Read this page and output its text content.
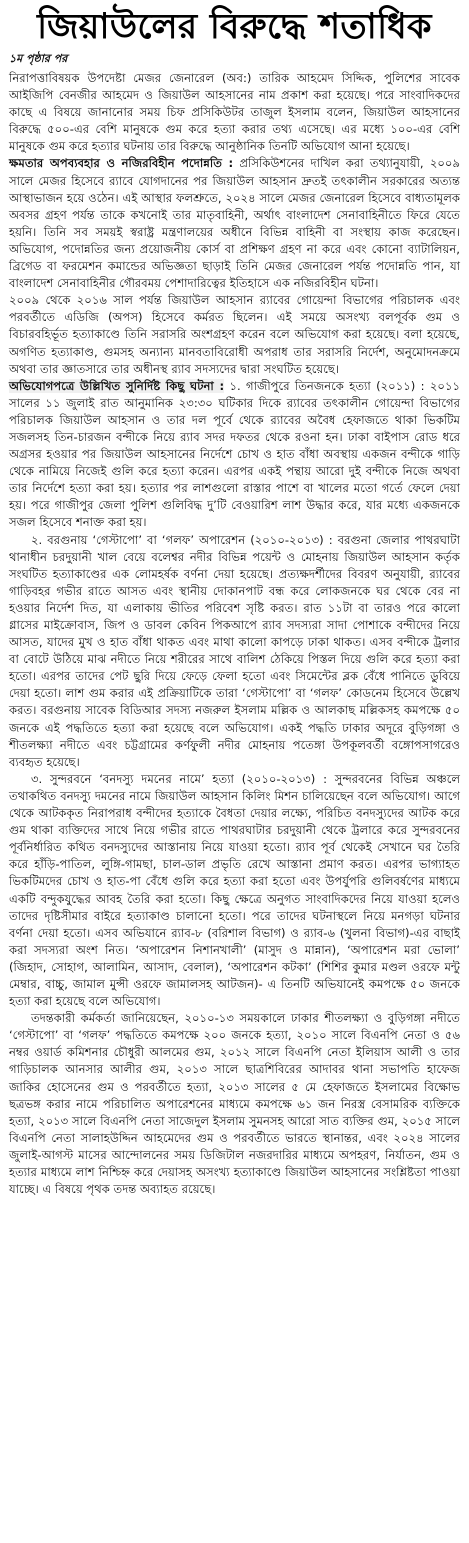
জিয়াউলের বিরুদ্ধে শতাধিক
১ম পৃষ্ঠার পর

নিরাপত্তাবিষয়ক উপদেষ্টা মেজর জেনারেল (অব:) তারিক আহমেদ সিদ্দিক, পুলিশের সাবেক আইজিপি বেনজীর আহমেদ ও জিয়াউল আহসানের নাম প্রকাশ করা হয়েছে। পরে সাংবাদিকদের কাছে এ বিষয়ে জানানোর সময় চিফ প্রসিকিউটর তাজুল ইসলাম বলেন, জিয়াউল আহসানের বিরুদ্ধে ৫০০-এর বেশি মানুষকে গুম করে হত্যা করার তথ্য এসেছে। এর মধ্যে ১০০-এর বেশি মানুষকে গুম করে হত্যার ঘটনায় তার বিরুদ্ধে আনুষ্ঠানিক তিনটি অভিযোগ আনা হয়েছে।

ক্ষমতার অপব্যবহার ও নজিরবিহীন পদোন্নতি : প্রসিকিউশনের দাখিল করা তথ্যানুযায়ী, ২০০৯ সালে মেজর হিসেবে র‌্যাবে যোগদানের পর জিয়াউল আহসান দ্রুতই তৎকালীন সরকারের অত্যন্ত আস্থাভাজন হয়ে ওঠেন। এই আস্থার ফলশ্রুতে, ২০২৪ সালে মেজর জেনারেল হিসেবে বাধ্যতামূলক অবসর গ্রহণ পর্যন্ত তাকে কখনোই তার মাতৃবাহিনী, অর্থাৎ বাংলাদেশ সেনাবাহিনীতে ফিরে যেতে হয়নি। তিনি সব সময়ই স্বরাষ্ট্র মন্ত্রণালয়ের অধীনে বিভিন্ন বাহিনী বা সংস্থায় কাজ করেছেন। অভিযোগ, পদোন্নতির জন্য প্রয়োজনীয় কোর্স বা প্রশিক্ষণ গ্রহণ না করে এবং কোনো ব্যাটালিয়ন, ব্রিগেড বা ফরমেশন কমান্ডের অভিজ্ঞতা ছাড়াই তিনি মেজর জেনারেল পর্যন্ত পদোন্নতি পান, যা বাংলাদেশ সেনাবাহিনীর গৌরবময় পেশাদারিত্বের ইতিহাসে এক নজিরবিহীন ঘটনা।

২০০৯ থেকে ২০১৬ সাল পর্যন্ত জিয়াউল আহসান র‌্যাবের গোয়েন্দা বিভাগের পরিচালক এবং পরবর্তীতে এডিজি (অপস) হিসেবে কর্মরত ছিলেন। এই সময়ে অসংখ্য বলপূর্বক গুম ও বিচারবহির্ভূত হত্যাকাণ্ডে তিনি সরাসরি অংশগ্রহণ করেন বলে অভিযোগ করা হয়েছে। বলা হয়েছে, অগণিত হত্যাকাণ্ড, গুমসহ অন্যান্য মানবতাবিরোধী অপরাধ তার সরাসরি নির্দেশ, অনুমোদনক্রমে অথবা তার জ্ঞাতসারে তার অধীনস্থ র‌্যাব সদস্যদের দ্বারা সংঘটিত হয়েছে।

অভিযোগপত্রে উল্লিখিত সুনির্দিষ্ট কিছু ঘটনা : ১. গাজীপুরে তিনজনকে হত্যা (২০১১) : ২০১১ সালের ১১ জুলাই রাত আনুমানিক ২৩:৩০ ঘটিকার দিকে র‌্যাবের তৎকালীন গোয়েন্দা বিভাগের পরিচালক জিয়াউল আহসান ও তার দল পূর্বে থেকে র‌্যাবের অবৈধ হেফাজতে থাকা ভিকটিম সজলসহ তিন-চারজন বন্দীকে নিয়ে র‌্যাব সদর দফতর থেকে রওনা হন। ঢাকা বাইপাস রোড ধরে অগ্রসর হওয়ার পর জিয়াউল আহসানের নির্দেশে চোখ ও হাত বাঁধা অবস্থায় একজন বন্দীকে গাড়ি থেকে নামিয়ে নিজেই গুলি করে হত্যা করেন। এরপর একই পন্থায় আরো দুই বন্দীকে নিজে অথবা তার নির্দেশে হত্যা করা হয়। হত্যার পর লাশগুলো রাস্তার পাশে বা খালের মতো গর্তে ফেলে দেয়া হয়। পরে গাজীপুর জেলা পুলিশ গুলিবিদ্ধ দু’টি বেওয়ারিশ লাশ উদ্ধার করে, যার মধ্যে একজনকে সজল হিসেবে শনাক্ত করা হয়।

২. বরগুনায় ‘গেস্টাপো’ বা ‘গলফ’ অপারেশন (২০১০-২০১৩) : বরগুনা জেলার পাথরঘাটা থানাধীন চরদুয়ানী খাল বেয়ে বলেশ্বর নদীর বিভিন্ন পয়েন্ট ও মোহনায় জিয়াউল আহসান কর্তৃক সংঘটিত হত্যাকাণ্ডের এক লোমহর্ষক বর্ণনা দেয়া হয়েছে। প্রত্যক্ষদর্শীদের বিবরণ অনুযায়ী, র‌্যাবের গাড়িবহর গভীর রাতে আসত এবং স্থানীয় দোকানপাট বন্ধ করে লোকজনকে ঘর থেকে বের না হওয়ার নির্দেশ দিত, যা এলাকায় ভীতির পরিবেশ সৃষ্টি করত। রাত ১১টা বা তারও পরে কালো গ্লাসের মাইক্রোবাস, জিপ ও ডাবল কেবিন পিকআপে র‌্যাব সদস্যরা সাদা পোশাকে বন্দীদের নিয়ে আসত, যাদের মুখ ও হাত বাঁধা থাকত এবং মাথা কালো কাপড়ে ঢাকা থাকত। এসব বন্দীকে ট্রলার বা বোটে উঠিয়ে মাঝ নদীতে নিয়ে শরীরের সাথে বালিশ ঠেকিয়ে পিস্তল দিয়ে গুলি করে হত্যা করা হতো। এরপর তাদের পেট ছুরি দিয়ে ফেড়ে ফেলা হতো এবং সিমেন্টের ব্লক বেঁধে পানিতে ডুবিয়ে দেয়া হতো। লাশ গুম করার এই প্রক্রিয়াটিকে তারা ‘গেস্টাপো’ বা ‘গলফ’ কোডনেম হিসেবে উল্লেখ করত। বরগুনায় সাবেক বিডিআর সদস্য নজরুল ইসলাম মল্লিক ও আলকাছ মল্লিকসহ কমপক্ষে ৫০ জনকে এই পদ্ধতিতে হত্যা করা হয়েছে বলে অভিযোগ। একই পদ্ধতি ঢাকার অদূরে বুড়িগঙ্গা ও শীতলক্ষ্যা নদীতে এবং চট্টগ্রামের কর্ণফুলী নদীর মোহনায় পতেঙ্গা উপকূলবর্তী বঙ্গোপসাগরেও ব্যবহৃত হয়েছে।

৩. সুন্দরবনে ‘বনদস্যু দমনের নামে’ হত্যা (২০১০-২০১৩) : সুন্দরবনের বিভিন্ন অঞ্চলে তথাকথিত বনদস্যু দমনের নামে জিয়াউল আহসান কিলিং মিশন চালিয়েছেন বলে অভিযোগ। আগে থেকে আটককৃত নিরাপরাধ বন্দীদের হত্যাকে বৈধতা দেয়ার লক্ষ্যে, পরিচিত বনদস্যুদের আটক করে গুম থাকা ব্যক্তিদের সাথে নিয়ে গভীর রাতে পাথরঘাটার চরদুয়ানী থেকে ট্রলারে করে সুন্দরবনের পূর্বনির্ধারিত কথিত বনদস্যুদের আস্তানায় নিয়ে যাওয়া হতো। র‌্যাব পূর্ব থেকেই সেখানে ঘর তৈরি করে হাঁড়ি-পাতিল, লুঙ্গি-গামছা, চাল-ডাল প্রভৃতি রেখে আস্তানা প্রমাণ করত। এরপর ভাগ্যাহত ভিকটিমদের চোখ ও হাত-পা বেঁধে গুলি করে হত্যা করা হতো এবং উপর্যুপরি গুলিবর্ষণের মাধ্যমে একটি বন্দুকযুদ্ধের আবহ তৈরি করা হতো। কিছু ক্ষেত্রে অনুগত সাংবাদিকদের নিয়ে যাওয়া হলেও তাদের দৃষ্টিসীমার বাইরে হত্যাকাণ্ড চালানো হতো। পরে তাদের ঘটনাস্থলে নিয়ে মনগড়া ঘটনার বর্ণনা দেয়া হতো। এসব অভিযানে র‌্যাব-৮ (বরিশাল বিভাগ) ও র‌্যাব-৬ (খুলনা বিভাগ)-এর বাছাই করা সদস্যরা অংশ নিত। ‘অপারেশন নিশানখালী’ (মাসুদ ও মান্নান), ‘অপারেশন মরা ভোলা’ (জিহাদ, সোহাগ, আলামিন, আসাদ, বেলাল), ‘অপারেশন কটকা’ (শিশির কুমার মণ্ডল ওরফে মন্টু মেম্বার, বাচ্চু, জামাল মুন্সী ওরফে জামালসহ আটজন)- এ তিনটি অভিযানেই কমপক্ষে ৫০ জনকে হত্যা করা হয়েছে বলে অভিযোগ।

তদন্তকারী কর্মকর্তা জানিয়েছেন, ২০১০-১৩ সময়কালে ঢাকার শীতলক্ষ্যা ও বুড়িগঙ্গা নদীতে ‘গেস্টাপো’ বা ‘গলফ’ পদ্ধতিতে কমপক্ষে ২০০ জনকে হত্যা, ২০১০ সালে বিএনপি নেতা ও ৫৬ নম্বর ওয়ার্ড কমিশনার চৌধুরী আলমের গুম, ২০১২ সালে বিএনপি নেতা ইলিয়াস আলী ও তার গাড়িচালক আনসার আলীর গুম, ২০১৩ সালে ছাত্রশিবিরের আদাবর থানা সভাপতি হাফেজ জাকির হোসেনের গুম ও পরবর্তীতে হত্যা, ২০১৩ সালের ৫ মে হেফাজতে ইসলামের বিক্ষোভ ছত্রভঙ্গ করার নামে পরিচালিত অপারেশনের মাধ্যমে কমপক্ষে ৬১ জন নিরস্ত্র বেসামরিক ব্যক্তিকে হত্যা, ২০১৩ সালে বিএনপি নেতা সাজেদুল ইসলাম সুমনসহ আরো সাত ব্যক্তির গুম, ২০১৫ সালে বিএনপি নেতা সালাহউদ্দিন আহমেদের গুম ও পরবর্তীতে ভারতে স্থানান্তর, এবং ২০২৪ সালের জুলাই-আগস্ট মাসের আন্দোলনের সময় ডিজিটাল নজরদারির মাধ্যমে অপহরণ, নির্যাতন, গুম ও হত্যার মাধ্যমে লাশ নিশ্চিহ্ন করে দেয়াসহ অসংখ্য হত্যাকাণ্ডে জিয়াউল আহসানের সংশ্লিষ্টতা পাওয়া যাচ্ছে। এ বিষয়ে পৃথক তদন্ত অব্যাহত রয়েছে।
